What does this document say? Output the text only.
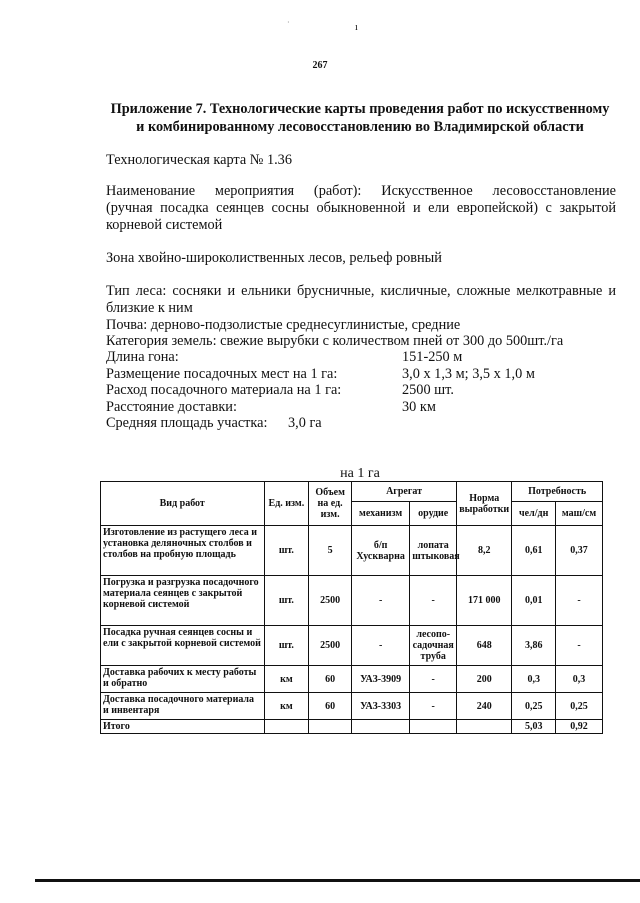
·	ı
267
Приложение 7. Технологические карты проведения работ по искусственному
и комбинированному лесовосстановлению во Владимирской области
Технологическая карта № 1.36
Наименование мероприятия (работ): Искусственное лесовосстановление
(ручная посадка сеянцев сосны обыкновенной и ели европейской) с закрытой
корневой системой
Зона хвойно-широколиственных лесов, рельеф ровный
Тип леса: сосняки и ельники брусничные, кисличные, сложные мелкотравные и
близкие к ним
Почва: дерново-подзолистые среднесуглинистые, средние
Категория земель: свежие вырубки с количеством пней от 300 до 500шт./га
Длина гона:	151-250 м
Размещение посадочных мест на 1 га:	3,0 х 1,3 м; 3,5 х 1,0 м
Расход посадочного материала на 1 га:	2500 шт.
Расстояние доставки:	30 км
Средняя площадь участка: 3,0 га
на 1 га
Вид работ	Ед. изм.	Объем на ед. изм.	Агрегат		Норма выработки	Потребность	
			механизм	орудие		чел/дн	маш/см
Изготовление из растущего леса и установка деляночных столбов и столбов на пробную площадь	шт.	5	б/п Хускварна	лопата штыковая	8,2	0,61	0,37
Погрузка и разгрузка посадочного материала сеянцев с закрытой корневой системой	шт.	2500	-	-	171 000	0,01	-
Посадка ручная сеянцев сосны и ели с закрытой корневой системой	шт.	2500	-	лесопо-садочная труба	648	3,86	-
Доставка рабочих к месту работы и обратно	км	60	УАЗ-3909	-	200	0,3	0,3
Доставка посадочного материала и инвентаря	км	60	УАЗ-3303	-	240	0,25	0,25
Итого						5,03	0,92
